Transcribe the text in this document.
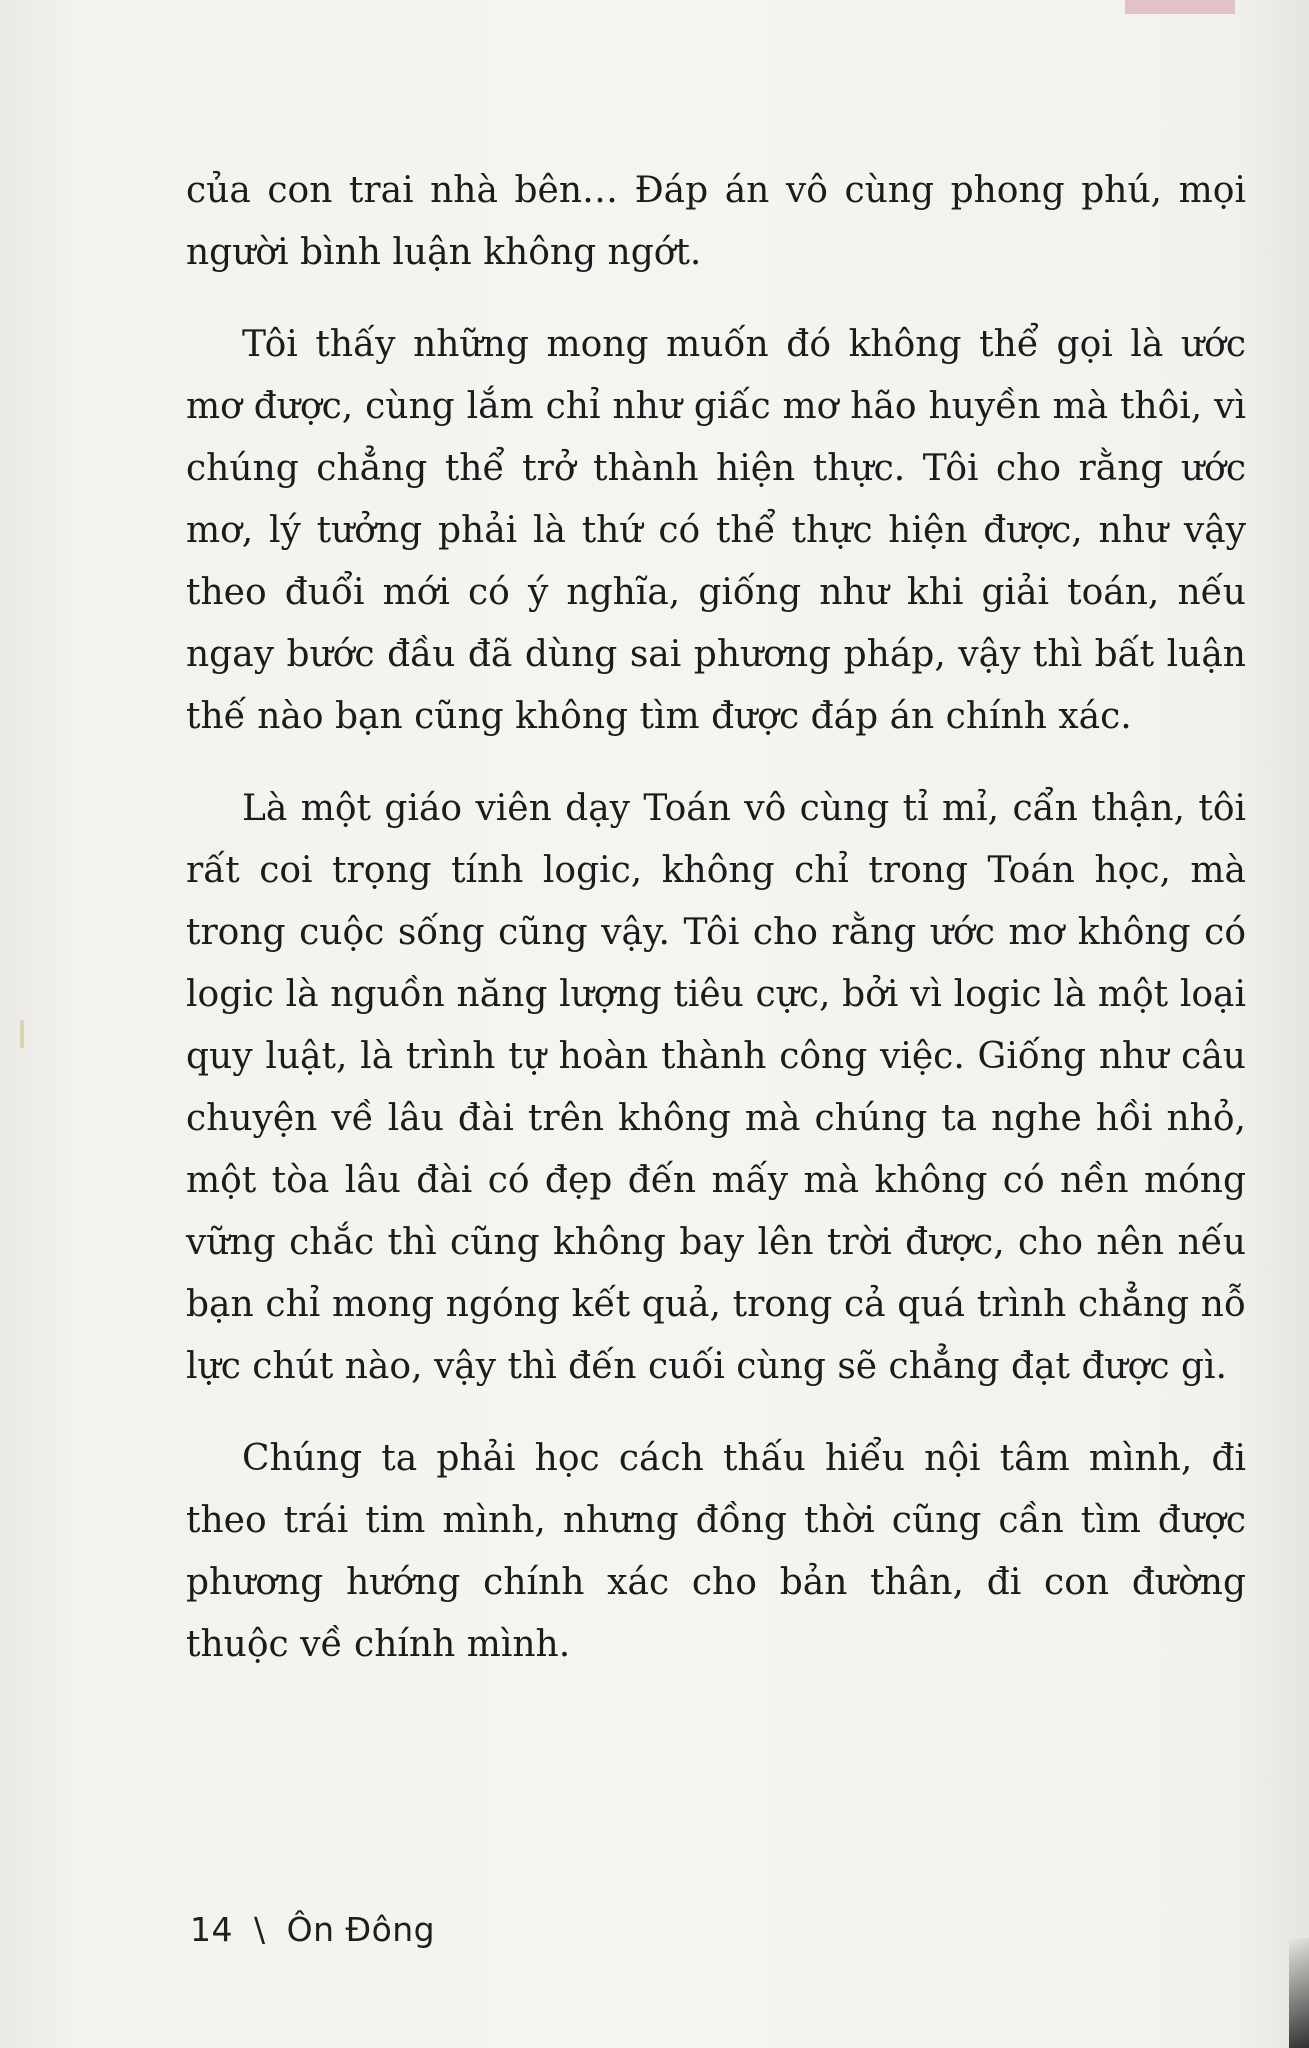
của con trai nhà bên… Đáp án vô cùng phong phú, mọi người bình luận không ngớt.

Tôi thấy những mong muốn đó không thể gọi là ước mơ được, cùng lắm chỉ như giấc mơ hão huyền mà thôi, vì chúng chẳng thể trở thành hiện thực. Tôi cho rằng ước mơ, lý tưởng phải là thứ có thể thực hiện được, như vậy theo đuổi mới có ý nghĩa, giống như khi giải toán, nếu ngay bước đầu đã dùng sai phương pháp, vậy thì bất luận thế nào bạn cũng không tìm được đáp án chính xác.

Là một giáo viên dạy Toán vô cùng tỉ mỉ, cẩn thận, tôi rất coi trọng tính logic, không chỉ trong Toán học, mà trong cuộc sống cũng vậy. Tôi cho rằng ước mơ không có logic là nguồn năng lượng tiêu cực, bởi vì logic là một loại quy luật, là trình tự hoàn thành công việc. Giống như câu chuyện về lâu đài trên không mà chúng ta nghe hồi nhỏ, một tòa lâu đài có đẹp đến mấy mà không có nền móng vững chắc thì cũng không bay lên trời được, cho nên nếu bạn chỉ mong ngóng kết quả, trong cả quá trình chẳng nỗ lực chút nào, vậy thì đến cuối cùng sẽ chẳng đạt được gì.

Chúng ta phải học cách thấu hiểu nội tâm mình, đi theo trái tim mình, nhưng đồng thời cũng cần tìm được phương hướng chính xác cho bản thân, đi con đường thuộc về chính mình.

14 \ Ôn Đông
